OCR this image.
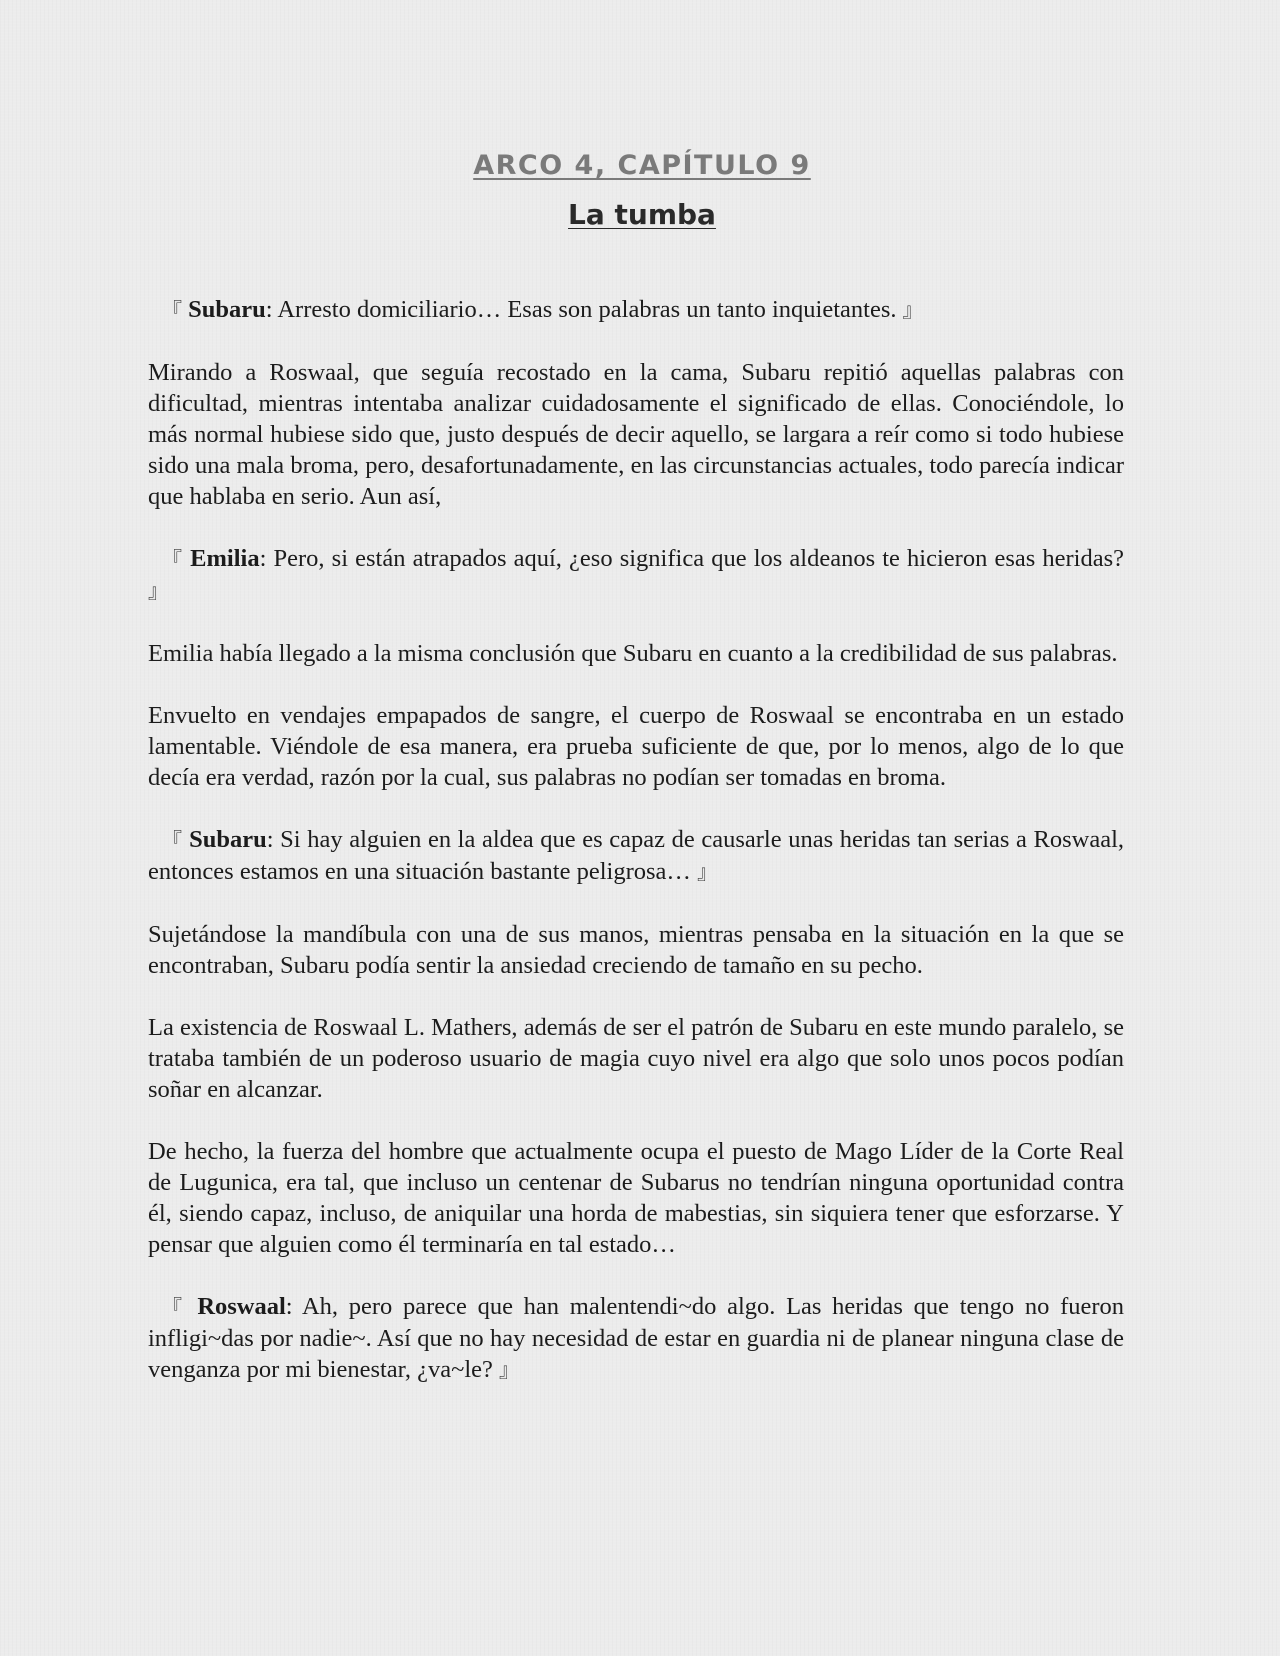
ARCO 4, CAPÍTULO 9
La tumba

『 Subaru: Arresto domiciliario… Esas son palabras un tanto inquietantes. 』

Mirando a Roswaal, que seguía recostado en la cama, Subaru repitió aquellas palabras con dificultad, mientras intentaba analizar cuidadosamente el significado de ellas. Conociéndole, lo más normal hubiese sido que, justo después de decir aquello, se largara a reír como si todo hubiese sido una mala broma, pero, desafortunadamente, en las circunstancias actuales, todo parecía indicar que hablaba en serio. Aun así,

『 Emilia: Pero, si están atrapados aquí, ¿eso significa que los aldeanos te hicieron esas heridas? 』

Emilia había llegado a la misma conclusión que Subaru en cuanto a la credibilidad de sus palabras.

Envuelto en vendajes empapados de sangre, el cuerpo de Roswaal se encontraba en un estado lamentable. Viéndole de esa manera, era prueba suficiente de que, por lo menos, algo de lo que decía era verdad, razón por la cual, sus palabras no podían ser tomadas en broma.

『 Subaru: Si hay alguien en la aldea que es capaz de causarle unas heridas tan serias a Roswaal, entonces estamos en una situación bastante peligrosa… 』

Sujetándose la mandíbula con una de sus manos, mientras pensaba en la situación en la que se encontraban, Subaru podía sentir la ansiedad creciendo de tamaño en su pecho.

La existencia de Roswaal L. Mathers, además de ser el patrón de Subaru en este mundo paralelo, se trataba también de un poderoso usuario de magia cuyo nivel era algo que solo unos pocos podían soñar en alcanzar.

De hecho, la fuerza del hombre que actualmente ocupa el puesto de Mago Líder de la Corte Real de Lugunica, era tal, que incluso un centenar de Subarus no tendrían ninguna oportunidad contra él, siendo capaz, incluso, de aniquilar una horda de mabestias, sin siquiera tener que esforzarse. Y pensar que alguien como él terminaría en tal estado…

『 Roswaal: Ah, pero parece que han malentendi~do algo. Las heridas que tengo no fueron infligi~das por nadie~. Así que no hay necesidad de estar en guardia ni de planear ninguna clase de venganza por mi bienestar, ¿va~le? 』
